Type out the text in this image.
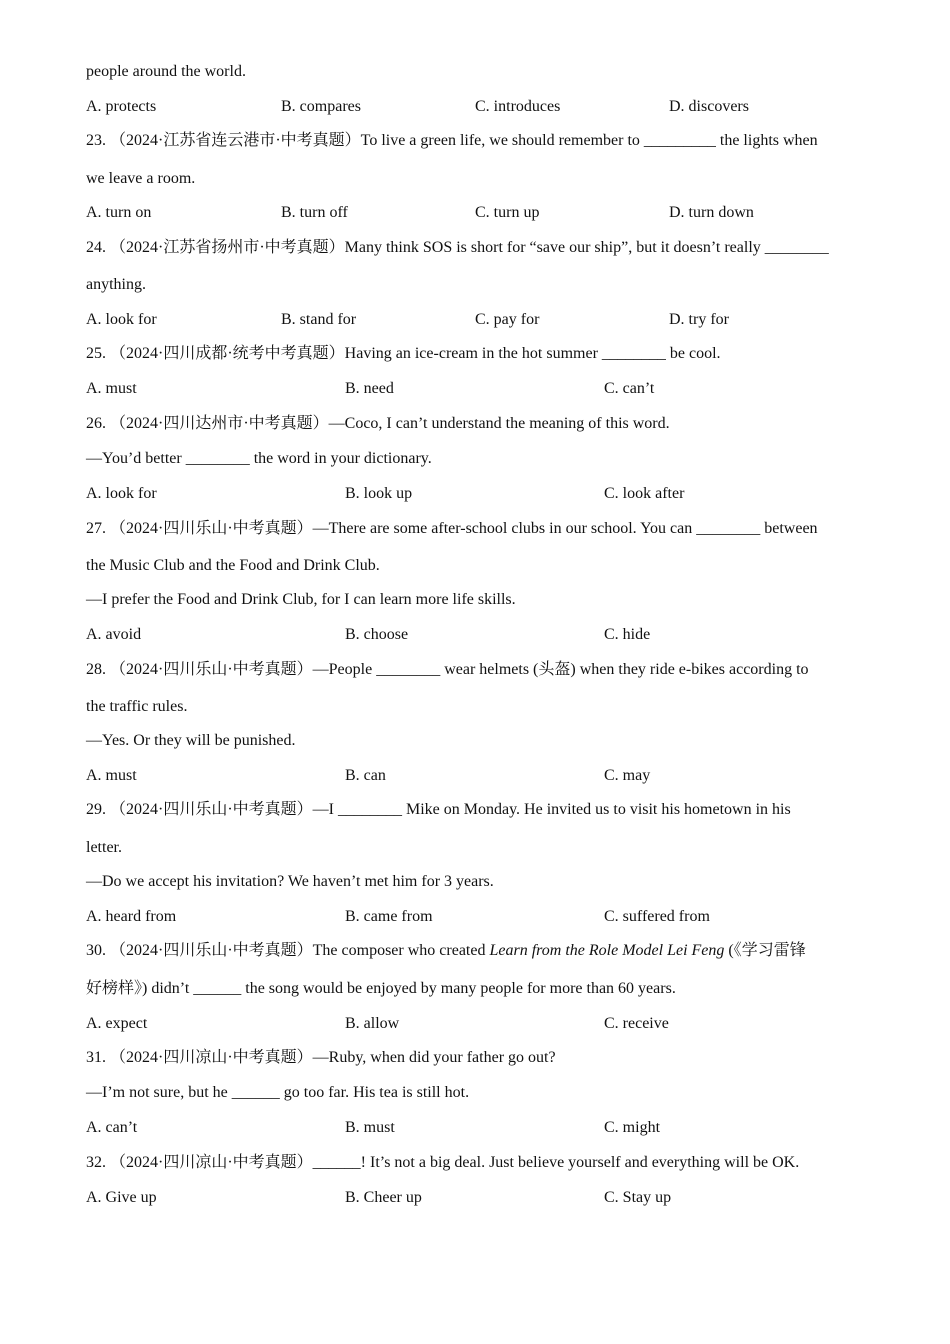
people around the world.
A. protects	B. compares	C. introduces	D. discovers
23. （2024·江苏省连云港市·中考真题）To live a green life, we should remember to _________ the lights when
we leave a room.
A. turn on	B. turn off	C. turn up	D. turn down
24. （2024·江苏省扬州市·中考真题）Many think SOS is short for “save our ship”, but it doesn’t really ________
anything.
A. look for	B. stand for	C. pay for	D. try for
25. （2024·四川成都·统考中考真题）Having an ice-cream in the hot summer ________ be cool.
A. must	B. need	C. can’t
26. （2024·四川达州市·中考真题）—Coco, I can’t understand the meaning of this word.
—You’d better ________ the word in your dictionary.
A. look for	B. look up	C. look after
27. （2024·四川乐山·中考真题）—There are some after-school clubs in our school. You can ________ between
the Music Club and the Food and Drink Club.
—I prefer the Food and Drink Club, for I can learn more life skills.
A. avoid	B. choose	C. hide
28. （2024·四川乐山·中考真题）—People ________ wear helmets (头盔) when they ride e-bikes according to
the traffic rules.
—Yes. Or they will be punished.
A. must	B. can	C. may
29. （2024·四川乐山·中考真题）—I ________ Mike on Monday. He invited us to visit his hometown in his
letter.
—Do we accept his invitation? We haven’t met him for 3 years.
A. heard from	B. came from	C. suffered from
30. （2024·四川乐山·中考真题）The composer who created Learn from the Role Model Lei Feng (《学习雷锋
好榜样》) didn’t ______ the song would be enjoyed by many people for more than 60 years.
A. expect	B. allow	C. receive
31. （2024·四川凉山·中考真题）—Ruby, when did your father go out?
—I’m not sure, but he ______ go too far. His tea is still hot.
A. can’t	B. must	C. might
32. （2024·四川凉山·中考真题）______! It’s not a big deal. Just believe yourself and everything will be OK.
A. Give up	B. Cheer up	C. Stay up
